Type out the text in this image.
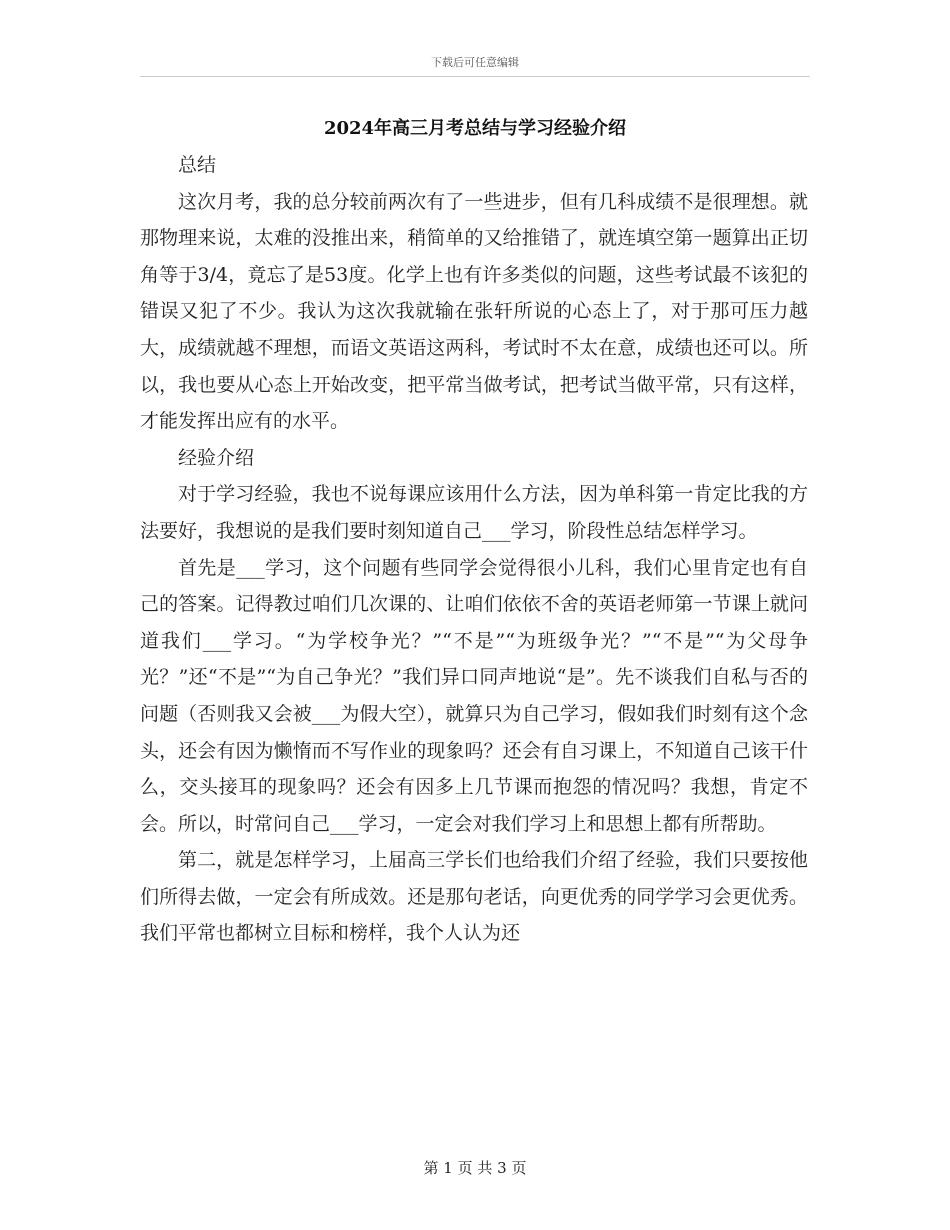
下载后可任意编辑
2024年高三月考总结与学习经验介绍

总结

这次月考，我的总分较前两次有了一些进步，但有几科成绩不是很理想。就那物理来说，太难的没推出来，稍简单的又给推错了，就连填空第一题算出正切角等于3/4，竟忘了是53度。化学上也有许多类似的问题，这些考试最不该犯的错误又犯了不少。我认为这次我就输在张轩所说的心态上了，对于那可压力越大，成绩就越不理想，而语文英语这两科，考试时不太在意，成绩也还可以。所以，我也要从心态上开始改变，把平常当做考试，把考试当做平常，只有这样，才能发挥出应有的水平。

经验介绍

对于学习经验，我也不说每课应该用什么方法，因为单科第一肯定比我的方法要好，我想说的是我们要时刻知道自己___学习，阶段性总结怎样学习。

首先是___学习，这个问题有些同学会觉得很小儿科，我们心里肯定也有自己的答案。记得教过咱们几次课的、让咱们依依不舍的英语老师第一节课上就问道我们___学习。“为学校争光？”“不是”“为班级争光？”“不是”“为父母争光？”还“不是”“为自己争光？”我们异口同声地说“是”。先不谈我们自私与否的问题（否则我又会被___为假大空），就算只为自己学习，假如我们时刻有这个念头，还会有因为懒惰而不写作业的现象吗？还会有自习课上，不知道自己该干什么，交头接耳的现象吗？还会有因多上几节课而抱怨的情况吗？我想，肯定不会。所以，时常问自己___学习，一定会对我们学习上和思想上都有所帮助。

第二，就是怎样学习，上届高三学长们也给我们介绍了经验，我们只要按他们所得去做，一定会有所成效。还是那句老话，向更优秀的同学学习会更优秀。我们平常也都树立目标和榜样，我个人认为还

第 1 页 共 3 页
